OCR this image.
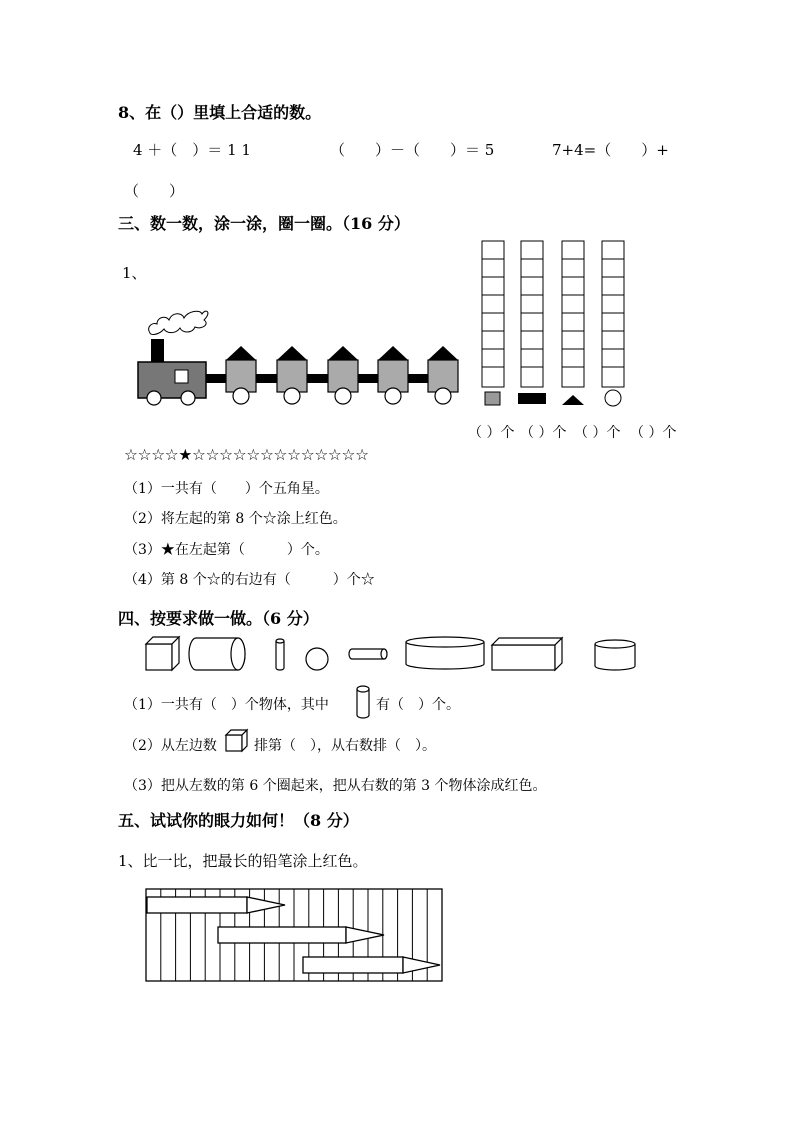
8、在（）里填上合适的数。
4 ＋（　）＝ 1 1	（　　）－（　　）＝ 5	7+4=（　　）+
（　　）
三、数一数，涂一涂，圈一圈。（16 分）
1、
（ ）个 （ ）个 （ ）个 （ ）个
☆☆☆☆★☆☆☆☆☆☆☆☆☆☆☆☆☆
（1）一共有（　　）个五角星。
（2）将左起的第 8 个☆涂上红色。
（3）★在左起第（　　　）个。
（4）第 8 个☆的右边有（　　　）个☆
四、按要求做一做。（6 分）
（1）一共有（　）个物体，其中	有（　）个。
（2）从左边数	排第（　），从右数排（　）。
（3）把从左数的第 6 个圈起来，把从右数的第 3 个物体涂成红色。
五、试试你的眼力如何！（8 分）
1、比一比，把最长的铅笔涂上红色。
